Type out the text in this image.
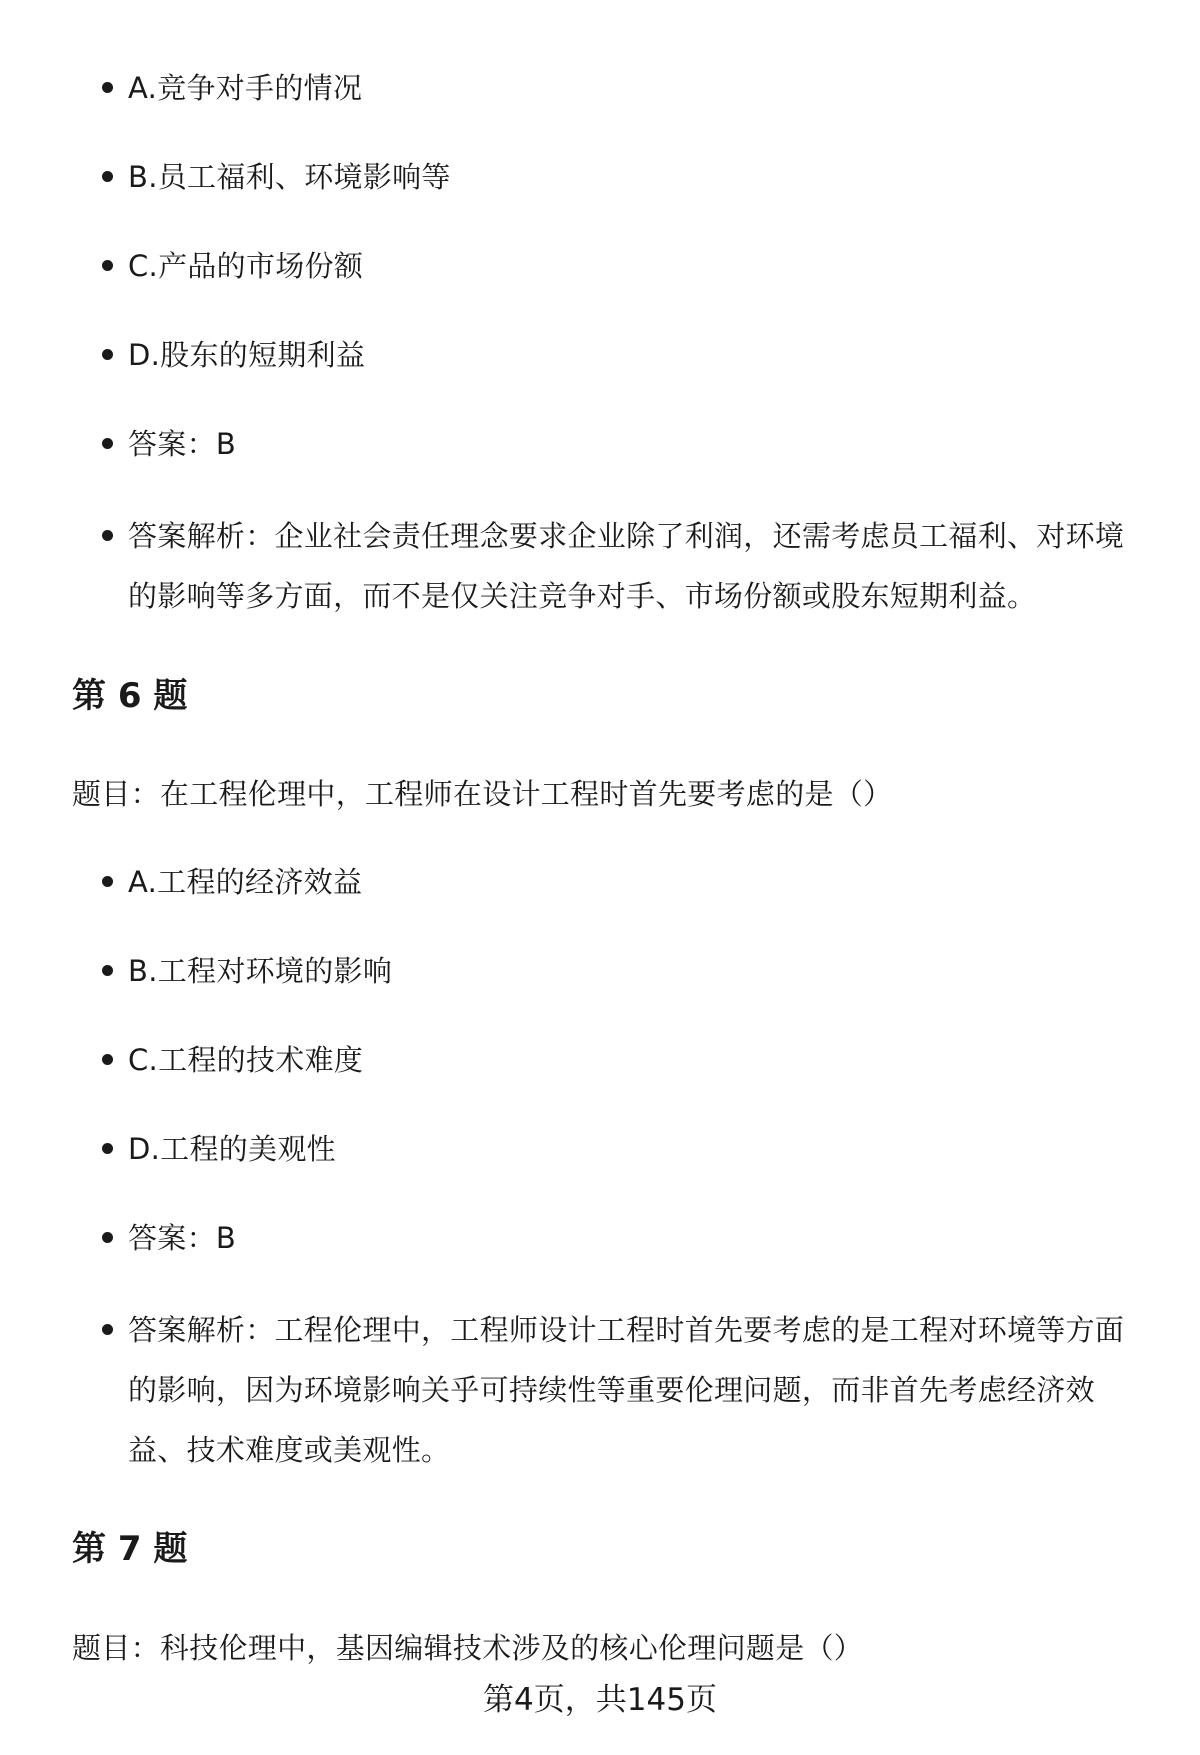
A.竞争对手的情况
B.员工福利、环境影响等
C.产品的市场份额
D.股东的短期利益
答案：B
答案解析：企业社会责任理念要求企业除了利润，还需考虑员工福利、对环境的影响等多方面，而不是仅关注竞争对手、市场份额或股东短期利益。
第 6 题
题目：在工程伦理中，工程师在设计工程时首先要考虑的是（）
A.工程的经济效益
B.工程对环境的影响
C.工程的技术难度
D.工程的美观性
答案：B
答案解析：工程伦理中，工程师设计工程时首先要考虑的是工程对环境等方面的影响，因为环境影响关乎可持续性等重要伦理问题，而非首先考虑经济效益、技术难度或美观性。
第 7 题
题目：科技伦理中，基因编辑技术涉及的核心伦理问题是（）
第4页，共145页
